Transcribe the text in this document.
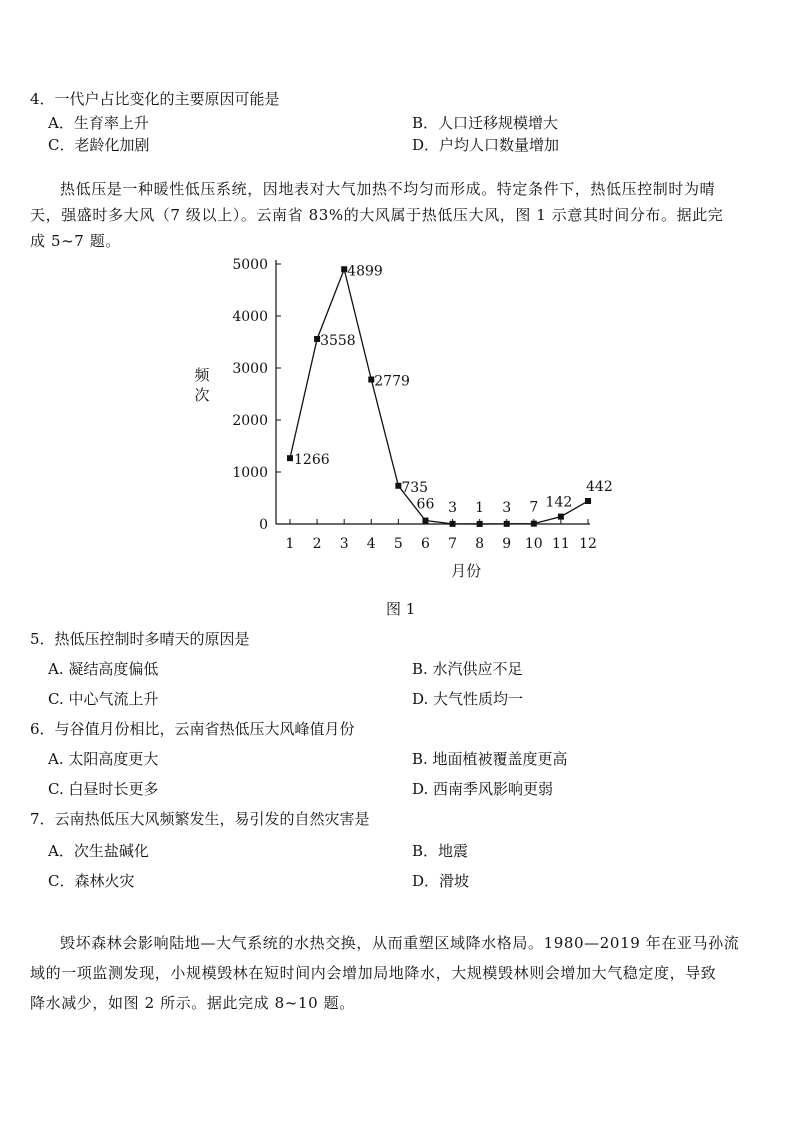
4．一代户占比变化的主要原因可能是
A．生育率上升	B．人口迁移规模增大
C．老龄化加剧	D．户均人口数量增加
热低压是一种暖性低压系统，因地表对大气加热不均匀而形成。特定条件下，热低压控制时为晴
天，强盛时多大风（7 级以上）。云南省 83%的大风属于热低压大风，图 1 示意其时间分布。据此完
成 5~7 题。
0
1000
2000
3000
4000
5000
1 2 3 4 5 6 7 8 9 10 11 12
频
次
月份
1266
3558
4899
2779
735
66 3 1 3 7 142
442
图 1
5．热低压控制时多晴天的原因是
A. 凝结高度偏低	B. 水汽供应不足
C. 中心气流上升	D. 大气性质均一
6．与谷值月份相比，云南省热低压大风峰值月份
A. 太阳高度更大	B. 地面植被覆盖度更高
C. 白昼时长更多	D. 西南季风影响更弱
7．云南热低压大风频繁发生，易引发的自然灾害是
A．次生盐碱化	B．地震
C．森林火灾	D．滑坡
毁坏森林会影响陆地—大气系统的水热交换，从而重塑区域降水格局。1980—2019 年在亚马孙流
域的一项监测发现，小规模毁林在短时间内会增加局地降水，大规模毁林则会增加大气稳定度，导致
降水减少，如图 2 所示。据此完成 8~10 题。
